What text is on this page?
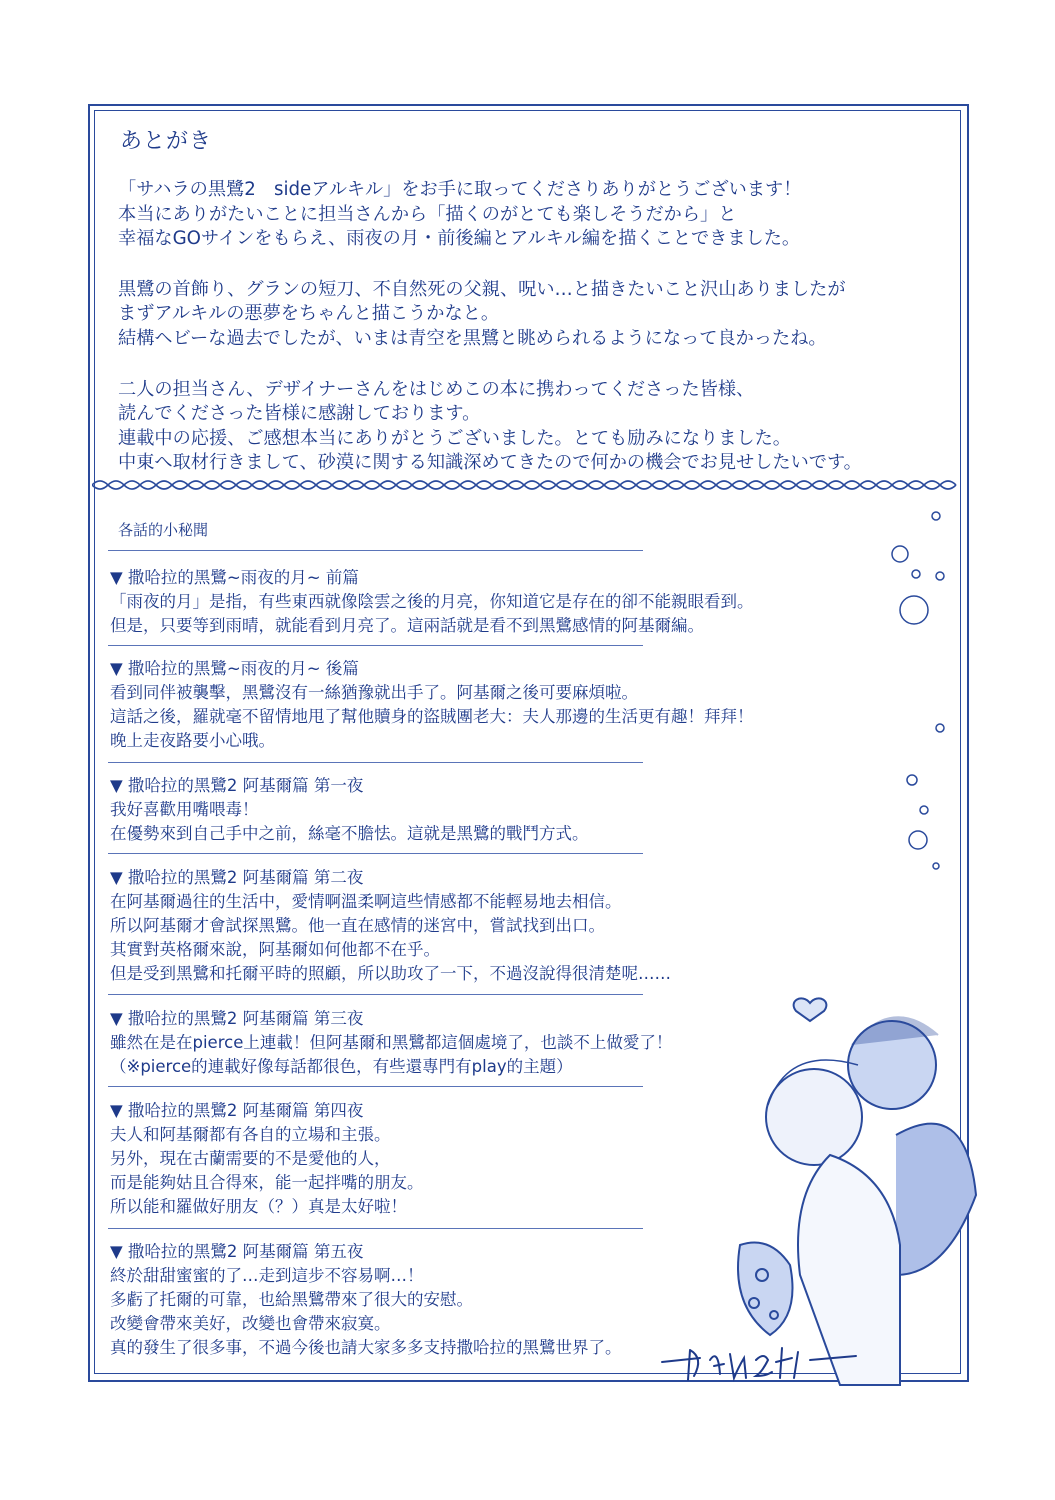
あとがき
「サハラの黒鷺2　sideアルキル」をお手に取ってくださりありがとうございます！
本当にありがたいことに担当さんから「描くのがとても楽しそうだから」と
幸福なGOサインをもらえ、雨夜の月・前後編とアルキル編を描くことできました。
黒鷺の首飾り、グランの短刀、不自然死の父親、呪い…と描きたいこと沢山ありましたが
まずアルキルの悪夢をちゃんと描こうかなと。
結構ヘビーな過去でしたが、いまは青空を黒鷺と眺められるようになって良かったね。
二人の担当さん、デザイナーさんをはじめこの本に携わってくださった皆様、
読んでくださった皆様に感謝しております。
連載中の応援、ご感想本当にありがとうございました。とても励みになりました。
中東へ取材行きまして、砂漠に関する知識深めてきたので何かの機会でお見せしたいです。
各話的小秘聞
▼ 撒哈拉的黑鷺~雨夜的月~ 前篇
「雨夜的月」是指，有些東西就像陰雲之後的月亮，你知道它是存在的卻不能親眼看到。
但是，只要等到雨晴，就能看到月亮了。這兩話就是看不到黑鷺感情的阿基爾編。
▼ 撒哈拉的黑鷺~雨夜的月~ 後篇
看到同伴被襲擊，黑鷺沒有一絲猶豫就出手了。阿基爾之後可要麻煩啦。
這話之後，羅就毫不留情地甩了幫他贖身的盜賊團老大：夫人那邊的生活更有趣！拜拜！
晚上走夜路要小心哦。
▼ 撒哈拉的黑鷺2 阿基爾篇 第一夜
我好喜歡用嘴喂毒！
在優勢來到自己手中之前，絲毫不膽怯。這就是黑鷺的戰鬥方式。
▼ 撒哈拉的黑鷺2 阿基爾篇 第二夜
在阿基爾過往的生活中，愛情啊溫柔啊這些情感都不能輕易地去相信。
所以阿基爾才會試探黑鷺。他一直在感情的迷宮中，嘗試找到出口。
其實對英格爾來說，阿基爾如何他都不在乎。
但是受到黑鷺和托爾平時的照顧，所以助攻了一下，不過沒說得很清楚呢……
▼ 撒哈拉的黑鷺2 阿基爾篇 第三夜
雖然在是在pierce上連載！但阿基爾和黑鷺都這個處境了，也談不上做愛了！
（※pierce的連載好像每話都很色，有些還專門有play的主題）
▼ 撒哈拉的黑鷺2 阿基爾篇 第四夜
夫人和阿基爾都有各自的立場和主張。
另外，現在古蘭需要的不是愛他的人，
而是能夠姑且合得來，能一起拌嘴的朋友。
所以能和羅做好朋友（？）真是太好啦！
▼ 撒哈拉的黑鷺2 阿基爾篇 第五夜
終於甜甜蜜蜜的了…走到這步不容易啊…！
多虧了托爾的可靠，也給黑鷺帶來了很大的安慰。
改變會帶來美好，改變也會帶來寂寞。
真的發生了很多事，不過今後也請大家多多支持撒哈拉的黑鷺世界了。
